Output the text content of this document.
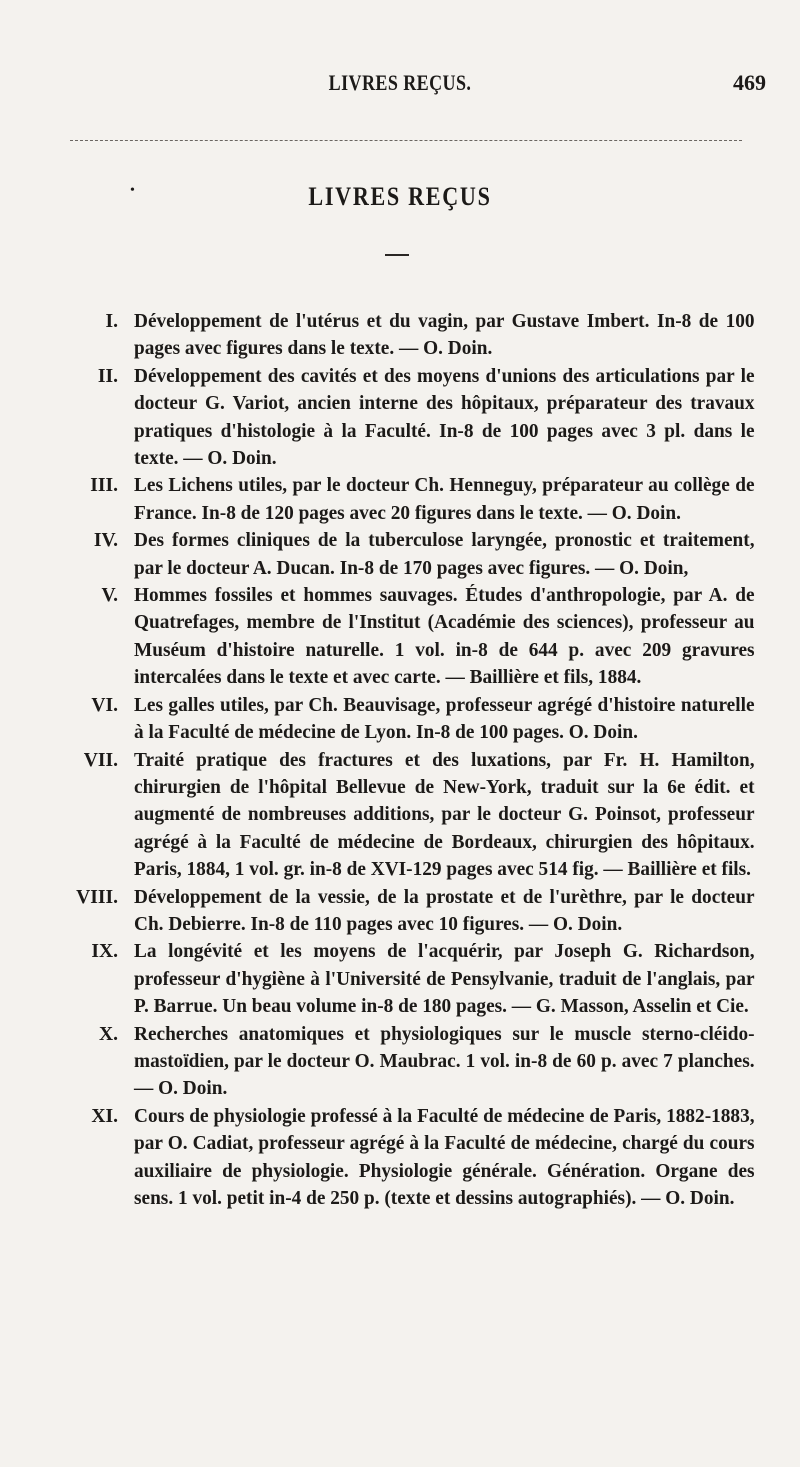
LIVRES REÇUS.	469
•	LIVRES REÇUS
I. Développement de l'utérus et du vagin, par Gustave Imbert. In-8 de 100 pages avec figures dans le texte. — O. Doin.
II. Développement des cavités et des moyens d'unions des articulations par le docteur G. Variot, ancien interne des hôpitaux, préparateur des travaux pratiques d'histologie à la Faculté. In-8 de 100 pages avec 3 pl. dans le texte. — O. Doin.
III. Les Lichens utiles, par le docteur Ch. Henneguy, préparateur au collège de France. In-8 de 120 pages avec 20 figures dans le texte. — O. Doin.
IV. Des formes cliniques de la tuberculose laryngée, pronostic et traitement, par le docteur A. Ducan. In-8 de 170 pages avec figures. — O. Doin,
V. Hommes fossiles et hommes sauvages. Études d'anthropologie, par A. de Quatrefages, membre de l'Institut (Académie des sciences), professeur au Muséum d'histoire naturelle. 1 vol. in-8 de 644 p. avec 209 gravures intercalées dans le texte et avec carte. — Baillière et fils, 1884.
VI. Les galles utiles, par Ch. Beauvisage, professeur agrégé d'histoire naturelle à la Faculté de médecine de Lyon. In-8 de 100 pages. O. Doin.
VII. Traité pratique des fractures et des luxations, par Fr. H. Hamilton, chirurgien de l'hôpital Bellevue de New-York, traduit sur la 6e édit. et augmenté de nombreuses additions, par le docteur G. Poinsot, professeur agrégé à la Faculté de médecine de Bordeaux, chirurgien des hôpitaux. Paris, 1884, 1 vol. gr. in-8 de XVI-129 pages avec 514 fig. — Baillière et fils.
VIII. Développement de la vessie, de la prostate et de l'urèthre, par le docteur Ch. Debierre. In-8 de 110 pages avec 10 figures. — O. Doin.
IX. La longévité et les moyens de l'acquérir, par Joseph G. Richardson, professeur d'hygiène à l'Université de Pensylvanie, traduit de l'anglais, par P. Barrue. Un beau volume in-8 de 180 pages. — G. Masson, Asselin et Cie.
X. Recherches anatomiques et physiologiques sur le muscle sterno-cléido-mastoïdien, par le docteur O. Maubrac. 1 vol. in-8 de 60 p. avec 7 planches. — O. Doin.
XI. Cours de physiologie professé à la Faculté de médecine de Paris, 1882-1883, par O. Cadiat, professeur agrégé à la Faculté de médecine, chargé du cours auxiliaire de physiologie. Physiologie générale. Génération. Organe des sens. 1 vol. petit in-4 de 250 p. (texte et dessins autographiés). — O. Doin.
